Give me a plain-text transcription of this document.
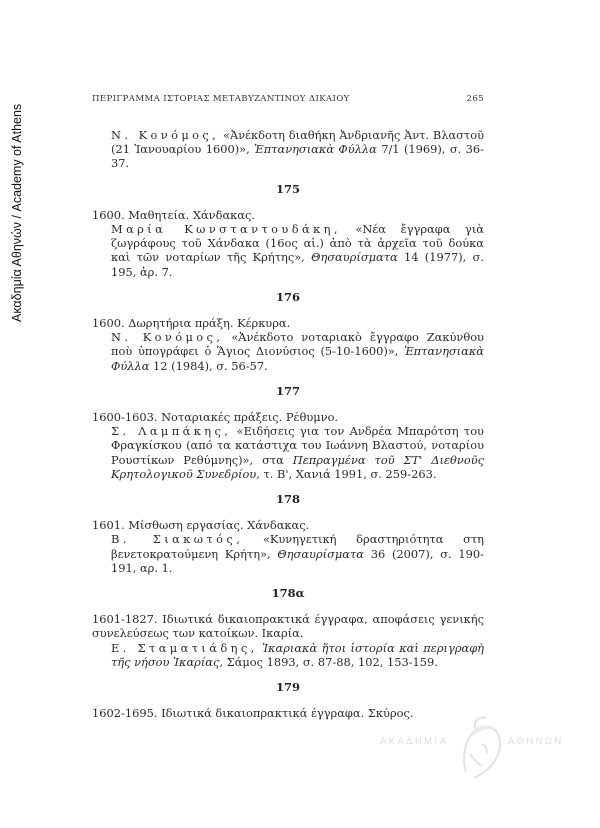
Ακαδημία Αθηνών / Academy of Athens
ΠΕΡΙΓΡΑΜΜΑ ΙΣΤΟΡΙΑΣ ΜΕΤΑΒΥΖΑΝΤΙΝΟΥ ΔΙΚΑΙΟΥ	265

Ν. Κονόμος, «Ἀνέκδοτη διαθήκη Ἀνδριανῆς Ἀντ. Βλαστοῦ (21 Ἰανουαρίου 1600)», Ἑπτανησιακὰ Φύλλα 7/1 (1969), σ. 36-37.

175

1600. Μαθητεία. Χάνδακας.

Μαρία Κωνσταντουδάκη, «Νέα ἔγγραφα γιὰ ζωγράφους τοῦ Χάνδακα (16ος αἰ.) ἀπὸ τὰ ἀρχεῖα τοῦ δούκα καὶ τῶν νοταρίων τῆς Κρήτης», Θησαυρίσματα 14 (1977), σ. 195, ἀρ. 7.

176

1600. Δωρητήρια πράξη. Κέρκυρα.

Ν. Κονόμος, «Ἀνέκδοτο νοταριακὸ ἔγγραφο Ζακύνθου ποὺ ὑπογράφει ὁ Ἅγιος Διονύσιος (5-10-1600)», Ἑπτανησιακὰ Φύλλα 12 (1984), σ. 56-57.

177

1600-1603. Νοταριακές πράξεις. Ρέθυμνο.

Σ. Λαμπάκης, «Ειδήσεις για τον Ανδρέα Μπαρότση του Φραγκίσκου (από τα κατάστιχα του Ιωάννη Βλαστού, νοταρίου Ρουστίκων Ρεθύμνης)», στα Πεπραγμένα τοῦ ΣΤ' Διεθνοῦς Κρητολογικοῦ Συνεδρίου, τ. Β', Χανιά 1991, σ. 259-263.

178

1601. Μίσθωση εργασίας. Χάνδακας.

Β. Σιακωτός, «Κυνηγετική δραστηριότητα στη βενετοκρατούμενη Κρήτη», Θησαυρίσματα 36 (2007), σ. 190-191, αρ. 1.

178α

1601-1827. Ιδιωτικά δικαιοπρακτικά έγγραφα, αποφάσεις γενικής συνελεύσεως των κατοίκων. Ικαρία.

Ε. Σταματιάδης, Ἰκαριακὰ ἤτοι ἱστορία καὶ περιγραφὴ τῆς νήσου Ἰκαρίας, Σάμος 1893, σ. 87-88, 102, 153-159.

179

1602-1695. Ιδιωτικά δικαιοπρακτικά έγγραφα. Σκύρος.

ΑΚΑΔΗΜΙΑ	ΑΘΗΝΩΝ
